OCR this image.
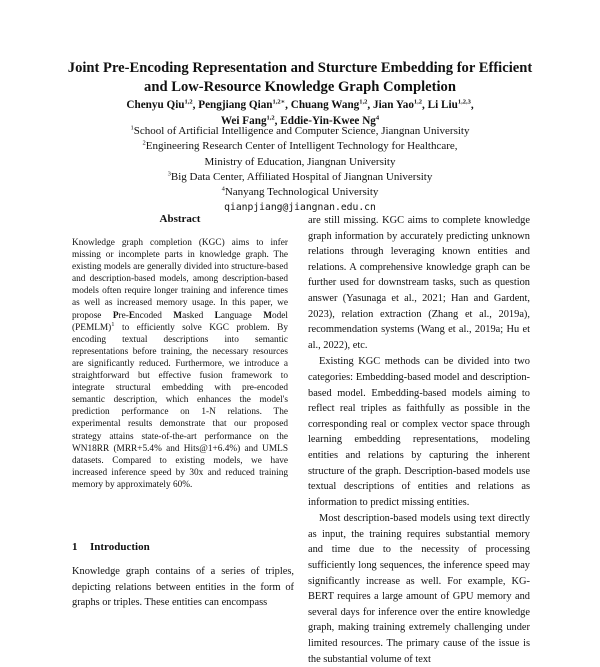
Joint Pre-Encoding Representation and Sturcture Embedding for Efficient
and Low-Resource Knowledge Graph Completion
Chenyu Qiu$^{1,2}$, Pengjiang Qian$^{1,2∗}$, Chuang Wang$^{1,2}$, Jian Yao$^{1,2}$, Li Liu$^{1,2,3}$,
Wei Fang$^{1,2}$, Eddie-Yin-Kwee Ng$^4$
$^1$School of Artificial Intelligence and Computer Science, Jiangnan University
$^2$Engineering Research Center of Intelligent Technology for Healthcare,
Ministry of Education, Jiangnan University
$^3$Big Data Center, Affiliated Hospital of Jiangnan University
$^4$Nanyang Technological University
qianpjiang@jiangnan.edu.cn
Abstract

Knowledge graph completion (KGC) aims to infer missing or incomplete parts in knowledge graph. The existing models are generally divided into structure-based and description-based models, among description-based models often require longer training and inference times as well as increased memory usage. In this paper, we propose Pre-Encoded Masked Language Model (PEMLM)$^1$ to efficiently solve KGC problem. By encoding textual descriptions into semantic representations before training, the necessary resources are significantly reduced. Furthermore, we introduce a straightforward but effective fusion framework to integrate structural embedding with pre-encoded semantic description, which enhances the model's prediction performance on 1-N relations. The experimental results demonstrate that our proposed strategy attains state-of-the-art performance on the WN18RR (MRR+5.4% and Hits@1+6.4%) and UMLS datasets. Compared to existing models, we have increased inference speed by 30x and reduced training memory by approximately 60%.

1 Introduction

Knowledge graph contains of a series of triples, depicting relations between entities in the form of graphs or triples. These entities can encompass

are still missing. KGC aims to complete knowledge graph information by accurately predicting unknown relations through leveraging known entities and relations. A comprehensive knowledge graph can be further used for downstream tasks, such as question answer (Yasunaga et al., 2021; Han and Gardent, 2023), relation extraction (Zhang et al., 2019a), recommendation systems (Wang et al., 2019a; Hu et al., 2022), etc.

Existing KGC methods can be divided into two categories: Embedding-based model and description-based model. Embedding-based models aiming to reflect real triples as faithfully as possible in the corresponding real or complex vector space through learning embedding representations, modeling entities and relations by capturing the inherent structure of the graph. Description-based models use textual descriptions of entities and relations as information to predict missing entities.

Most description-based models using text directly as input, the training requires substantial memory and time due to the necessity of processing sufficiently long sequences, the inference speed may significantly increase as well. For example, KG-BERT requires a large amount of GPU memory and several days for inference over the entire knowledge graph, making training extremely challenging under limited resources. The primary cause of the issue is the substantial volume of text
